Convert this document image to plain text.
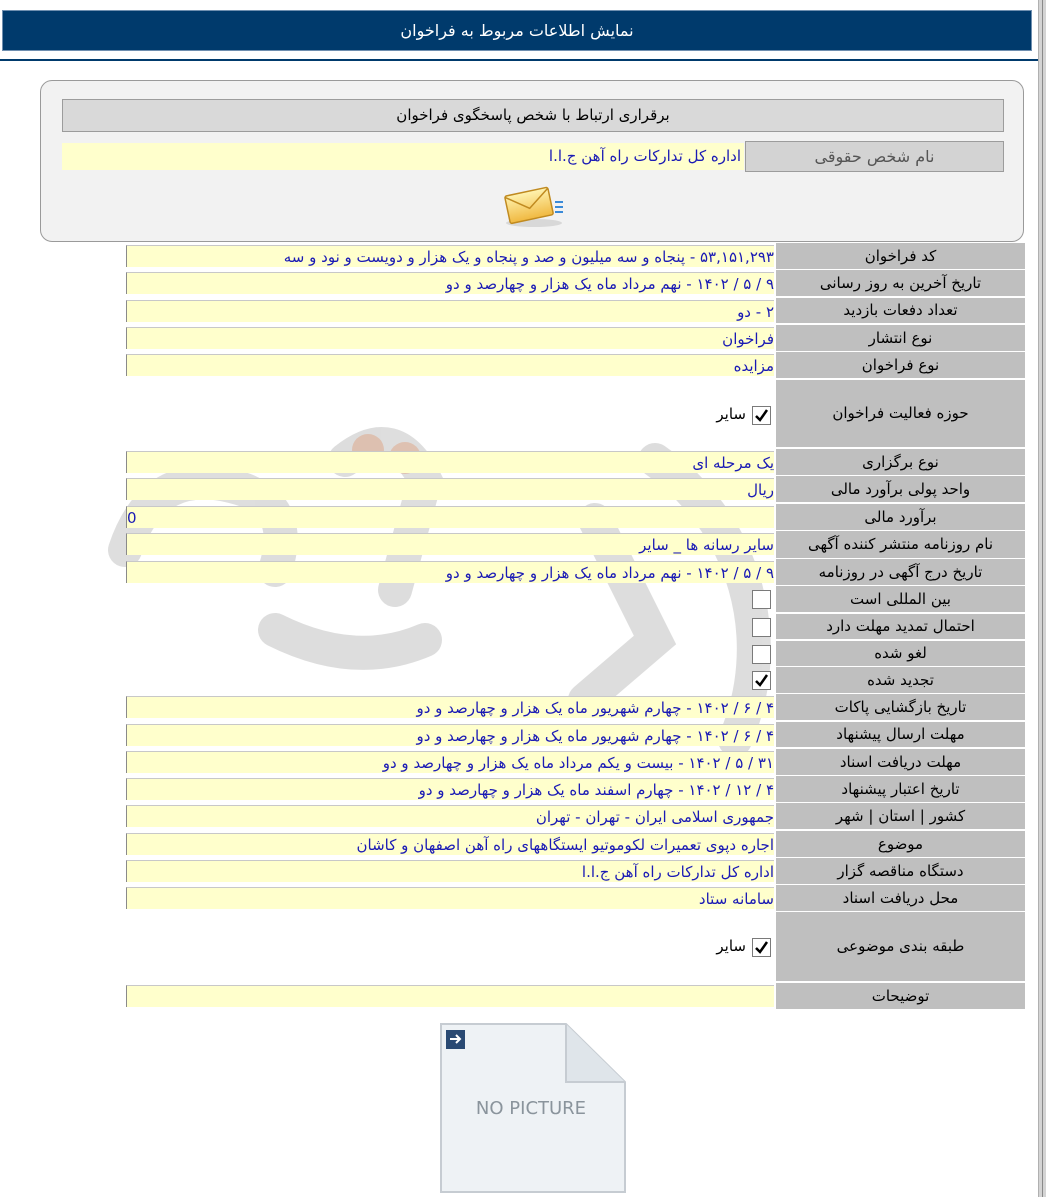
نمایش اطلاعات مربوط به فراخوان
برقراری ارتباط با شخص پاسخگوی فراخوان
نام شخص حقوقی
اداره کل تدارکات راه آهن ج.ا.ا
کد فراخوان
۵۳,۱۵۱,۲۹۳ - پنجاه و سه میلیون و صد و پنجاه و یک هزار و دویست و نود و سه
تاریخ آخرین به روز رسانی
۹ / ۵ / ۱۴۰۲ - نهم مرداد ماه یک هزار و چهارصد و دو
تعداد دفعات بازدید
۲ - دو
نوع انتشار
فراخوان
نوع فراخوان
مزایده
حوزه فعالیت فراخوان
سایر
نوع برگزاری
یک مرحله ای
واحد پولی برآورد مالی
ریال
برآورد مالی
0
نام روزنامه منتشر کننده آگهی
سایر رسانه ها _ سایر
تاریخ درج آگهی در روزنامه
۹ / ۵ / ۱۴۰۲ - نهم مرداد ماه یک هزار و چهارصد و دو
بین المللی است
احتمال تمدید مهلت دارد
لغو شده
تجدید شده
تاریخ بازگشایی پاکات
۴ / ۶ / ۱۴۰۲ - چهارم شهریور ماه یک هزار و چهارصد و دو
مهلت ارسال پیشنهاد
۴ / ۶ / ۱۴۰۲ - چهارم شهریور ماه یک هزار و چهارصد و دو
مهلت دریافت اسناد
۳۱ / ۵ / ۱۴۰۲ - بیست و یکم مرداد ماه یک هزار و چهارصد و دو
تاریخ اعتبار پیشنهاد
۴ / ۱۲ / ۱۴۰۲ - چهارم اسفند ماه یک هزار و چهارصد و دو
کشور | استان | شهر
جمهوری اسلامی ایران - تهران - تهران
موضوع
اجاره دپوی تعمیرات لکوموتیو ایستگاههای راه آهن اصفهان و کاشان
دستگاه مناقصه گزار
اداره کل تدارکات راه آهن ج.ا.ا
محل دریافت اسناد
سامانه ستاد
طبقه بندی موضوعی
سایر
توضیحات
NO PICTURE
